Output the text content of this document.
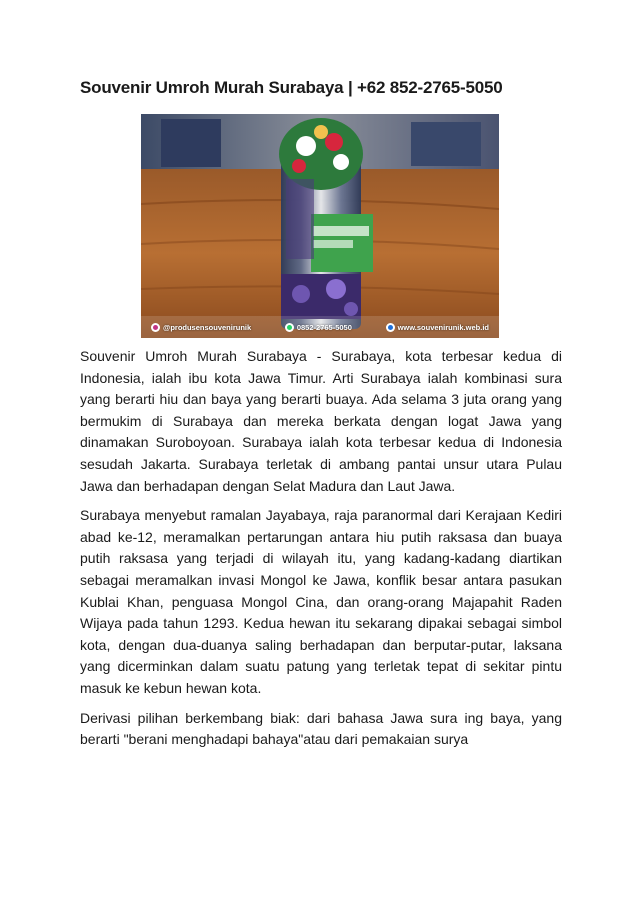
Souvenir Umroh Murah Surabaya | +62 852-2765-5050
@produsensouvenirunik	0852-2765-5050	www.souvenirunik.web.id

Souvenir Umroh Murah Surabaya - Surabaya, kota terbesar kedua di Indonesia, ialah ibu kota Jawa Timur. Arti Surabaya ialah kombinasi sura yang berarti hiu dan baya yang berarti buaya. Ada selama 3 juta orang yang bermukim di Surabaya dan mereka berkata dengan logat Jawa yang dinamakan Suroboyoan. Surabaya ialah kota terbesar kedua di Indonesia sesudah Jakarta. Surabaya terletak di ambang pantai unsur utara Pulau Jawa dan berhadapan dengan Selat Madura dan Laut Jawa.

Surabaya menyebut ramalan Jayabaya, raja paranormal dari Kerajaan Kediri abad ke-12, meramalkan pertarungan antara hiu putih raksasa dan buaya putih raksasa yang terjadi di wilayah itu, yang kadang-kadang diartikan sebagai meramalkan invasi Mongol ke Jawa, konflik besar antara pasukan Kublai Khan, penguasa Mongol Cina, dan orang-orang Majapahit Raden Wijaya pada tahun 1293. Kedua hewan itu sekarang dipakai sebagai simbol kota, dengan dua-duanya saling berhadapan dan berputar-putar, laksana yang dicerminkan dalam suatu patung yang terletak tepat di sekitar pintu masuk ke kebun hewan kota.

Derivasi pilihan berkembang biak: dari bahasa Jawa sura ing baya, yang berarti "berani menghadapi bahaya"atau dari pemakaian surya
